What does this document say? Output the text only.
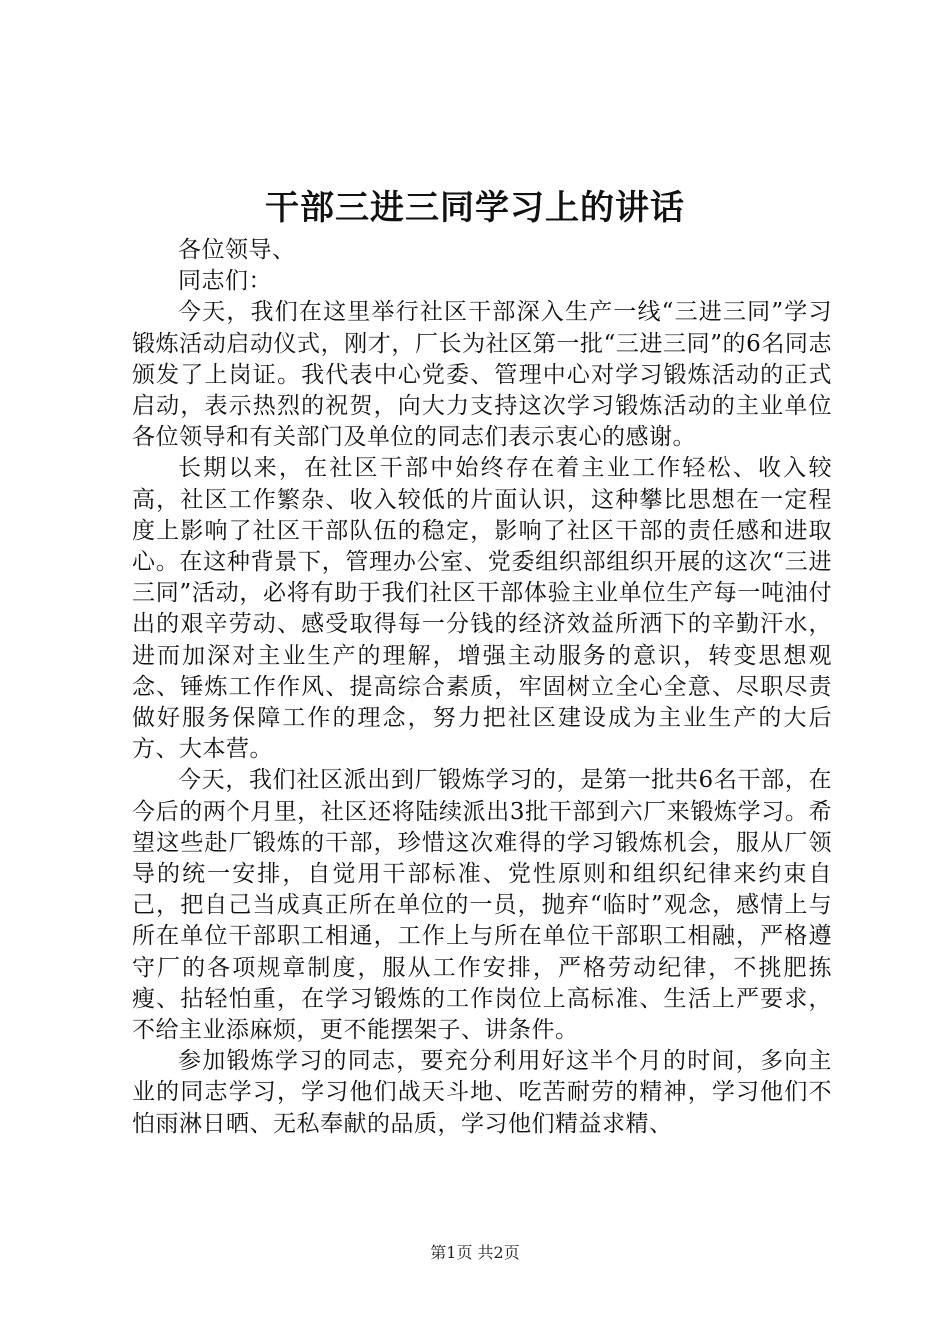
干部三进三同学习上的讲话

各位领导、

同志们：

今天，我们在这里举行社区干部深入生产一线“三进三同”学习锻炼活动启动仪式，刚才，厂长为社区第一批“三进三同”的6名同志颁发了上岗证。我代表中心党委、管理中心对学习锻炼活动的正式启动，表示热烈的祝贺，向大力支持这次学习锻炼活动的主业单位各位领导和有关部门及单位的同志们表示衷心的感谢。

长期以来，在社区干部中始终存在着主业工作轻松、收入较高，社区工作繁杂、收入较低的片面认识，这种攀比思想在一定程度上影响了社区干部队伍的稳定，影响了社区干部的责任感和进取心。在这种背景下，管理办公室、党委组织部组织开展的这次“三进三同”活动，必将有助于我们社区干部体验主业单位生产每一吨油付出的艰辛劳动、感受取得每一分钱的经济效益所洒下的辛勤汗水，进而加深对主业生产的理解，增强主动服务的意识，转变思想观念、锤炼工作作风、提高综合素质，牢固树立全心全意、尽职尽责做好服务保障工作的理念，努力把社区建设成为主业生产的大后方、大本营。

今天，我们社区派出到厂锻炼学习的，是第一批共6名干部，在今后的两个月里，社区还将陆续派出3批干部到六厂来锻炼学习。希望这些赴厂锻炼的干部，珍惜这次难得的学习锻炼机会，服从厂领导的统一安排，自觉用干部标准、党性原则和组织纪律来约束自己，把自己当成真正所在单位的一员，抛弃“临时”观念，感情上与所在单位干部职工相通，工作上与所在单位干部职工相融，严格遵守厂的各项规章制度，服从工作安排，严格劳动纪律，不挑肥拣瘦、拈轻怕重，在学习锻炼的工作岗位上高标准、生活上严要求，不给主业添麻烦，更不能摆架子、讲条件。

参加锻炼学习的同志，要充分利用好这半个月的时间，多向主业的同志学习，学习他们战天斗地、吃苦耐劳的精神，学习他们不怕雨淋日晒、无私奉献的品质，学习他们精益求精、

第1页 共2页
